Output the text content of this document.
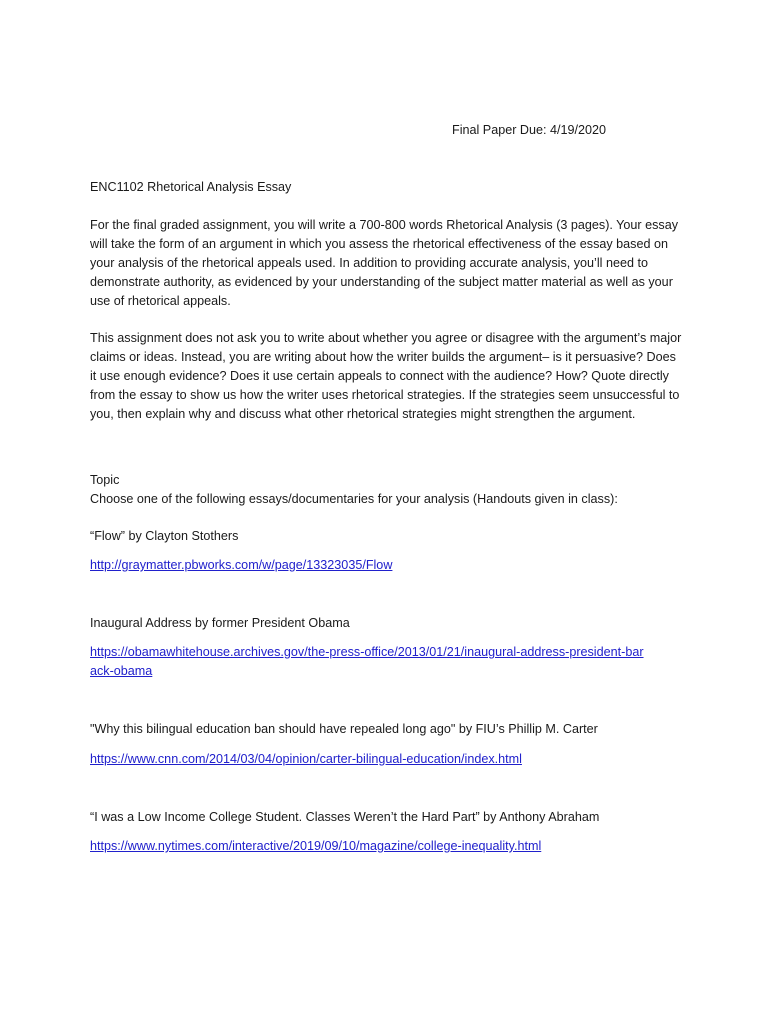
Final Paper Due: 4/19/2020

ENC1102 Rhetorical Analysis Essay

For the final graded assignment, you will write a 700-800 words Rhetorical Analysis (3 pages). Your essay will take the form of an argument in which you assess the rhetorical effectiveness of the essay based on your analysis of the rhetorical appeals used. In addition to providing accurate analysis, you’ll need to demonstrate authority, as evidenced by your understanding of the subject matter material as well as your use of rhetorical appeals.

This assignment does not ask you to write about whether you agree or disagree with the argument’s major claims or ideas. Instead, you are writing about how the writer builds the argument– is it persuasive? Does it use enough evidence? Does it use certain appeals to connect with the audience? How? Quote directly from the essay to show us how the writer uses rhetorical strategies. If the strategies seem unsuccessful to you, then explain why and discuss what other rhetorical strategies might strengthen the argument.

Topic

Choose one of the following essays/documentaries for your analysis (Handouts given in class):

“Flow” by Clayton Stothers

http://graymatter.pbworks.com/w/page/13323035/Flow

Inaugural Address by former President Obama

https://obamawhitehouse.archives.gov/the-press-office/2013/01/21/inaugural-address-president-barack-obama

"Why this bilingual education ban should have repealed long ago" by FIU’s Phillip M. Carter

https://www.cnn.com/2014/03/04/opinion/carter-bilingual-education/index.html

“I was a Low Income College Student. Classes Weren’t the Hard Part” by Anthony Abraham

https://www.nytimes.com/interactive/2019/09/10/magazine/college-inequality.html
